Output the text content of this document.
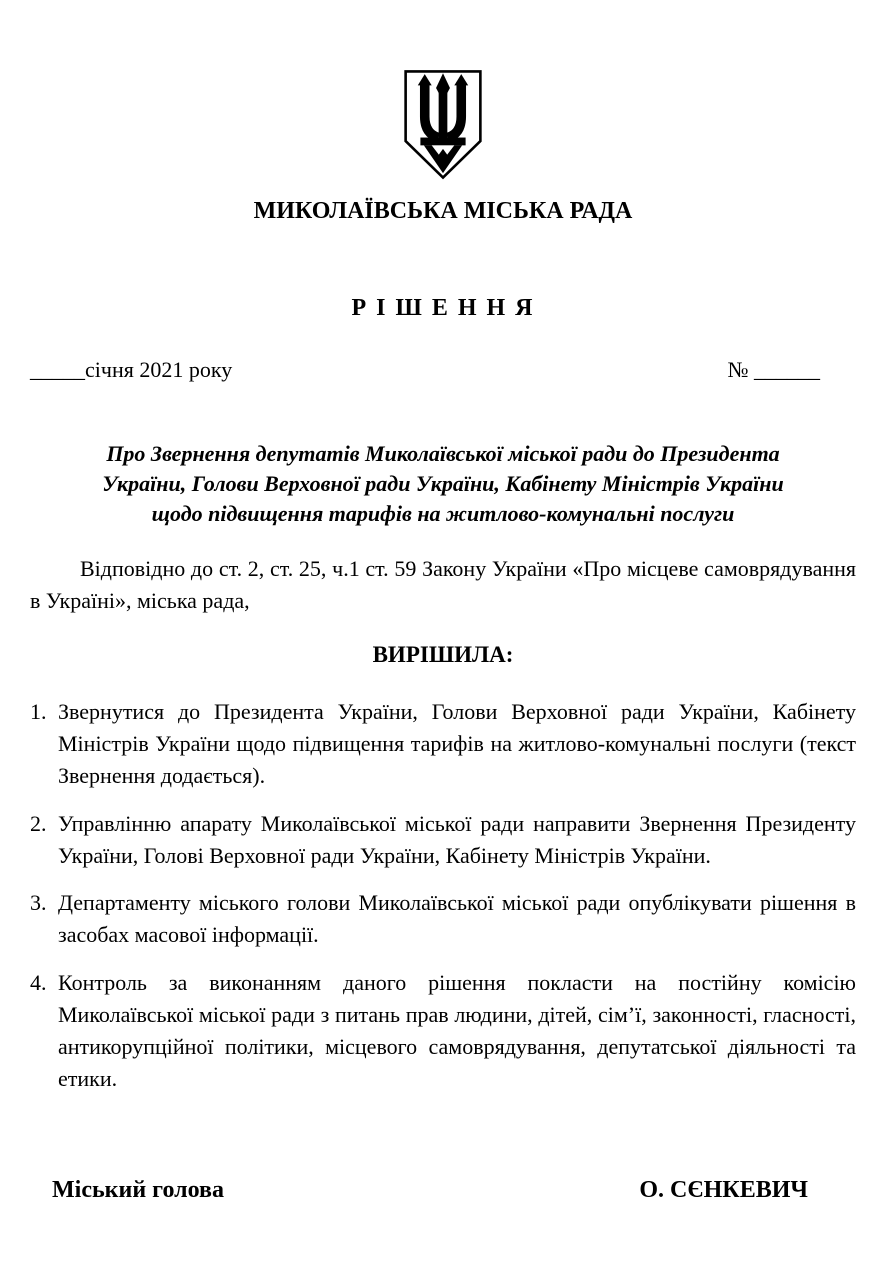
МИКОЛАЇВСЬКА МІСЬКА РАДА
Р І Ш Е Н Н Я
_____січня 2021 року	№ ______
Про Звернення депутатів Миколаївської міської ради до Президента
України, Голови Верховної ради України, Кабінету Міністрів України
щодо підвищення тарифів на житлово-комунальні послуги

Відповідно до ст. 2, ст. 25, ч.1 ст. 59 Закону України «Про місцеве самоврядування в Україні», міська рада,

ВИРІШИЛА:
1. Звернутися до Президента України, Голови Верховної ради України, Кабінету Міністрів України щодо підвищення тарифів на житлово-комунальні послуги (текст Звернення додається).
2. Управлінню апарату Миколаївської міської ради направити Звернення Президенту України, Голові Верховної ради України, Кабінету Міністрів України.
3. Департаменту міського голови Миколаївської міської ради опублікувати рішення в засобах масової інформації.
4. Контроль за виконанням даного рішення покласти на постійну комісію Миколаївської міської ради з питань прав людини, дітей, сім’ї, законності, гласності, антикорупційної політики, місцевого самоврядування, депутатської діяльності та етики.
Міський голова	О. СЄНКЕВИЧ
